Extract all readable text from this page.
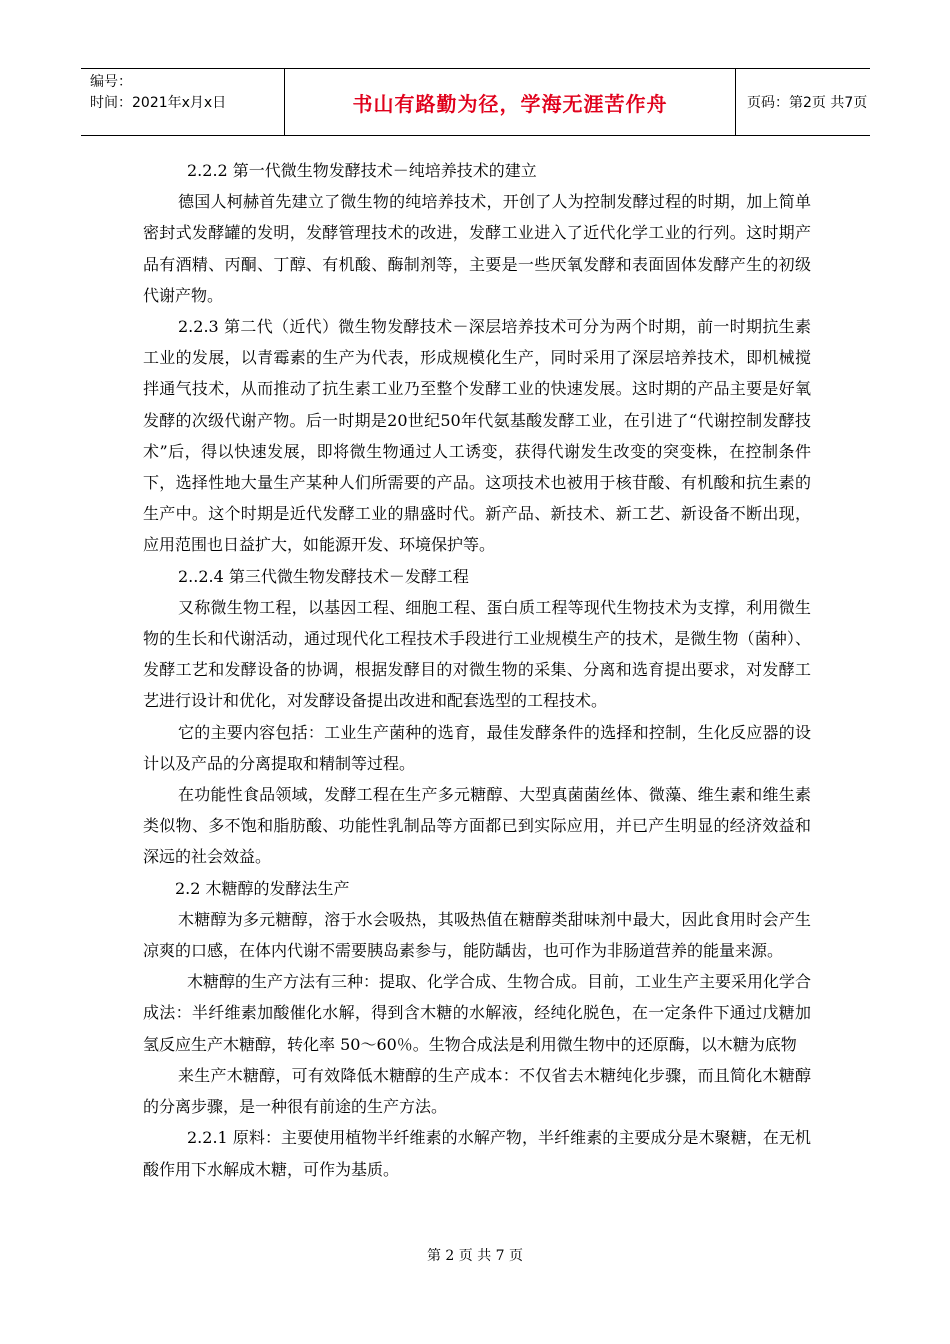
编号：
时间：2021年x月x日	书山有路勤为径，学海无涯苦作舟	页码：第2页 共7页

2.2.2 第一代微生物发酵技术－纯培养技术的建立

德国人柯赫首先建立了微生物的纯培养技术，开创了人为控制发酵过程的时期，加上简单密封式发酵罐的发明，发酵管理技术的改进，发酵工业进入了近代化学工业的行列。这时期产品有酒精、丙酮、丁醇、有机酸、酶制剂等，主要是一些厌氧发酵和表面固体发酵产生的初级代谢产物。

2.2.3 第二代（近代）微生物发酵技术－深层培养技术可分为两个时期，前一时期抗生素工业的发展，以青霉素的生产为代表，形成规模化生产，同时采用了深层培养技术，即机械搅拌通气技术，从而推动了抗生素工业乃至整个发酵工业的快速发展。这时期的产品主要是好氧发酵的次级代谢产物。后一时期是20世纪50年代氨基酸发酵工业，在引进了“代谢控制发酵技术”后，得以快速发展，即将微生物通过人工诱变，获得代谢发生改变的突变株，在控制条件下，选择性地大量生产某种人们所需要的产品。这项技术也被用于核苷酸、有机酸和抗生素的生产中。这个时期是近代发酵工业的鼎盛时代。新产品、新技术、新工艺、新设备不断出现，应用范围也日益扩大，如能源开发、环境保护等。

2..2.4 第三代微生物发酵技术－发酵工程

又称微生物工程，以基因工程、细胞工程、蛋白质工程等现代生物技术为支撑，利用微生物的生长和代谢活动，通过现代化工程技术手段进行工业规模生产的技术，是微生物（菌种）、发酵工艺和发酵设备的协调，根据发酵目的对微生物的采集、分离和选育提出要求，对发酵工艺进行设计和优化，对发酵设备提出改进和配套选型的工程技术。

它的主要内容包括：工业生产菌种的选育，最佳发酵条件的选择和控制，生化反应器的设计以及产品的分离提取和精制等过程。

在功能性食品领域，发酵工程在生产多元糖醇、大型真菌菌丝体、微藻、维生素和维生素类似物、多不饱和脂肪酸、功能性乳制品等方面都已到实际应用，并已产生明显的经济效益和深远的社会效益。

2.2 木糖醇的发酵法生产

木糖醇为多元糖醇，溶于水会吸热，其吸热值在糖醇类甜味剂中最大，因此食用时会产生凉爽的口感，在体内代谢不需要胰岛素参与，能防龋齿，也可作为非肠道营养的能量来源。

木糖醇的生产方法有三种：提取、化学合成、生物合成。目前，工业生产主要采用化学合成法：半纤维素加酸催化水解，得到含木糖的水解液，经纯化脱色，在一定条件下通过戊糖加氢反应生产木糖醇，转化率 50～60％。生物合成法是利用微生物中的还原酶，以木糖为底物

来生产木糖醇，可有效降低木糖醇的生产成本：不仅省去木糖纯化步骤，而且简化木糖醇的分离步骤，是一种很有前途的生产方法。

2.2.1 原料：主要使用植物半纤维素的水解产物，半纤维素的主要成分是木聚糖，在无机酸作用下水解成木糖，可作为基质。

第 2 页 共 7 页
